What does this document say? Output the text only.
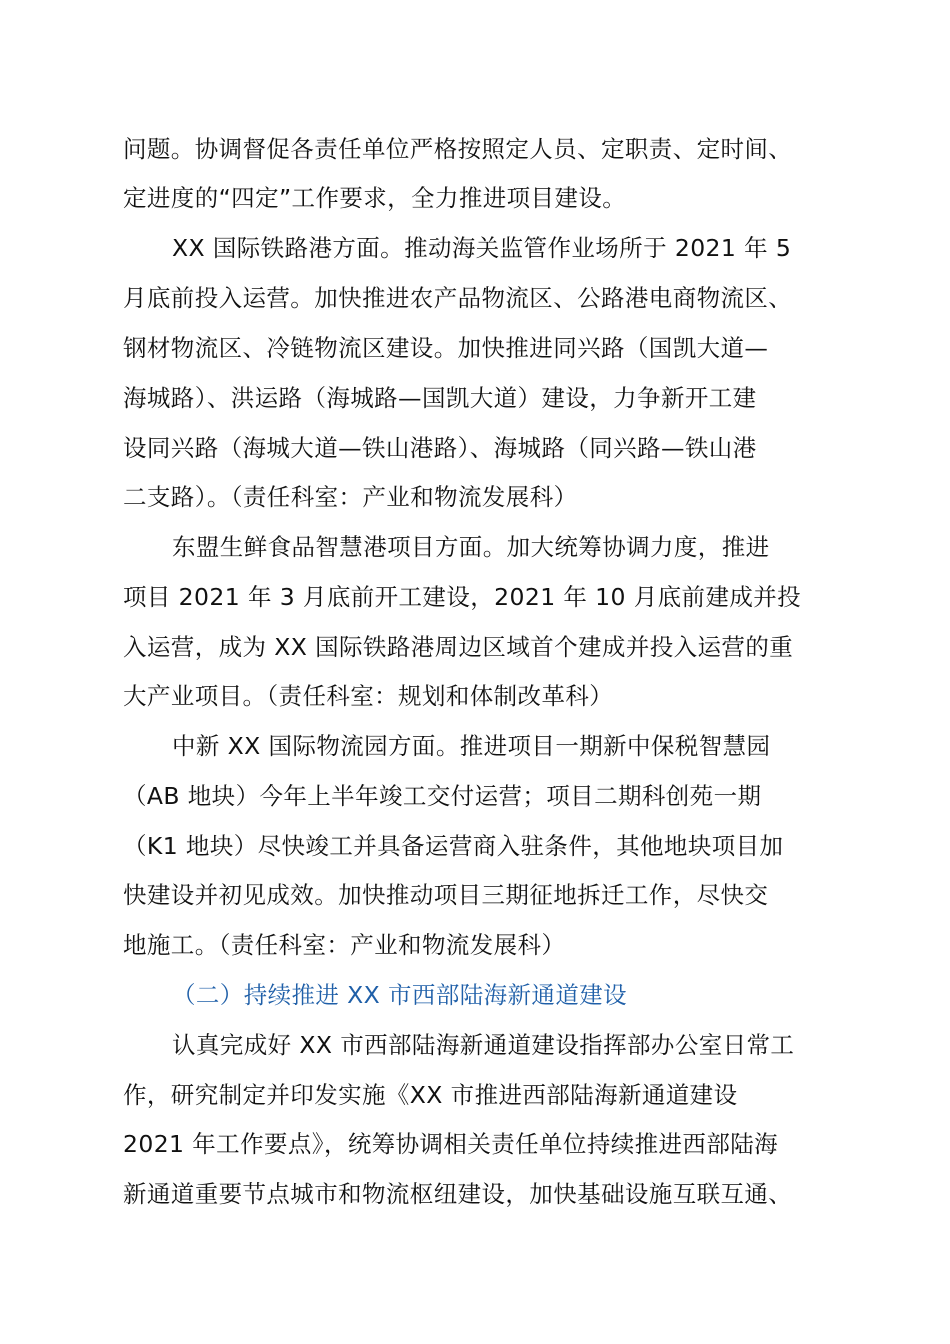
问题。协调督促各责任单位严格按照定人员、定职责、定时间、
定进度的“四定”工作要求，全力推进项目建设。
XX 国际铁路港方面。推动海关监管作业场所于 2021 年 5
月底前投入运营。加快推进农产品物流区、公路港电商物流区、
钢材物流区、冷链物流区建设。加快推进同兴路（国凯大道—
海城路）、洪运路（海城路—国凯大道）建设，力争新开工建
设同兴路（海城大道—铁山港路）、海城路（同兴路—铁山港
二支路）。（责任科室：产业和物流发展科）
东盟生鲜食品智慧港项目方面。加大统筹协调力度，推进
项目 2021 年 3 月底前开工建设，2021 年 10 月底前建成并投
入运营，成为 XX 国际铁路港周边区域首个建成并投入运营的重
大产业项目。（责任科室：规划和体制改革科）
中新 XX 国际物流园方面。推进项目一期新中保税智慧园
（AB 地块）今年上半年竣工交付运营；项目二期科创苑一期
（K1 地块）尽快竣工并具备运营商入驻条件，其他地块项目加
快建设并初见成效。加快推动项目三期征地拆迁工作，尽快交
地施工。（责任科室：产业和物流发展科）
（二）持续推进 XX 市西部陆海新通道建设
认真完成好 XX 市西部陆海新通道建设指挥部办公室日常工
作，研究制定并印发实施《XX 市推进西部陆海新通道建设
2021 年工作要点》，统筹协调相关责任单位持续推进西部陆海
新通道重要节点城市和物流枢纽建设，加快基础设施互联互通、
